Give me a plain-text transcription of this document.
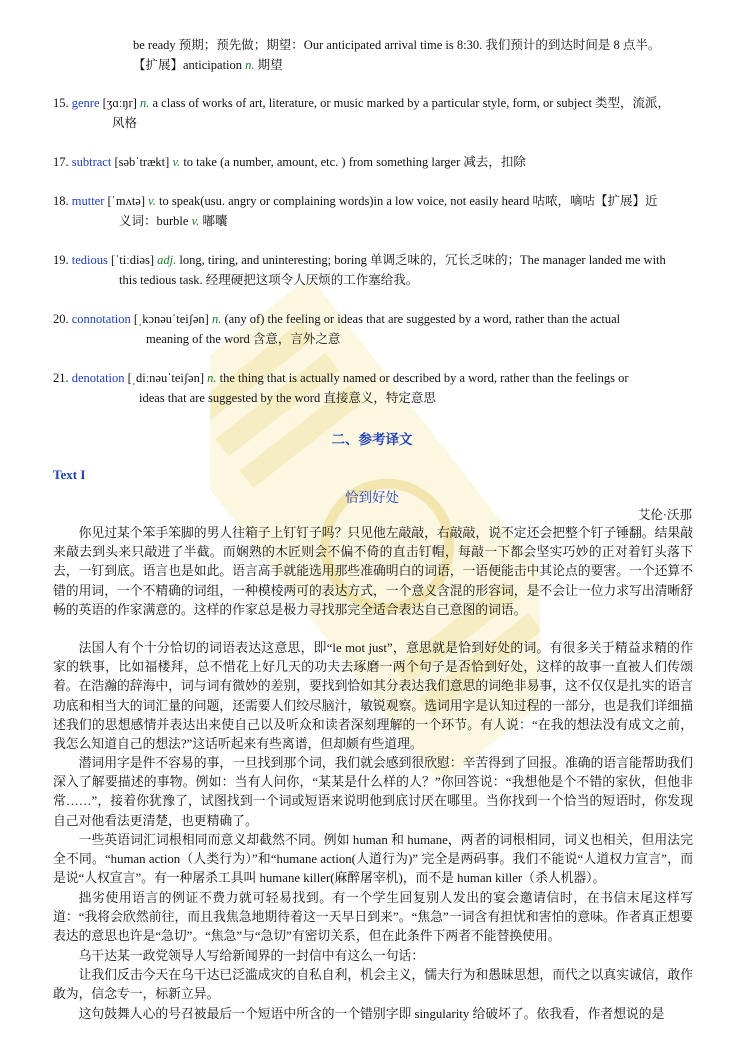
be ready 预期；预先做；期望：Our anticipated arrival time is 8:30. 我们预计的到达时间是 8 点半。
【扩展】anticipation n. 期望
15. genre [ʒɑːŋr] n. a class of works of art, literature, or music marked by a particular style, form, or subject 类型，流派，
风格
17. subtract [səbˈtrækt] v. to take (a number, amount, etc. ) from something larger 减去，扣除
18. mutter [ˈmʌtə] v. to speak(usu. angry or complaining words)in a low voice, not easily heard 咕哝，嘀咕【扩展】近
义词：burble v. 嘟囔
19. tedious [ˈtiːdiəs] adj. long, tiring, and uninteresting; boring 单调乏味的，冗长乏味的；The manager landed me with
this tedious task. 经理硬把这项令人厌烦的工作塞给我。
20. connotation [ˌkɔnəuˈteiʃən] n. (any of) the feeling or ideas that are suggested by a word, rather than the actual
meaning of the word 含意，言外之意
21. denotation [ˌdiːnəuˈteiʃən] n. the thing that is actually named or described by a word, rather than the feelings or
ideas that are suggested by the word 直接意义，特定意思
二、参考译文
Text I
恰到好处
艾伦·沃那
你见过某个笨手笨脚的男人往箱子上钉钉子吗？只见他左敲敲，右敲敲，说不定还会把整个钉子锤翻。结果敲来敲去到头来只敲进了半截。而娴熟的木匠则会不偏不倚的直击钉帽，每敲一下都会坚实巧妙的正对着钉头落下去，一钉到底。语言也是如此。语言高手就能选用那些准确明白的词语，一语便能击中其论点的要害。一个还算不错的用词，一个不精确的词组，一种模棱两可的表达方式，一个意义含混的形容词，是不会让一位力求写出清晰舒畅的英语的作家满意的。这样的作家总是极力寻找那完全适合表达自己意图的词语。
法国人有个十分恰切的词语表达这意思，即“le mot just”，意思就是恰到好处的词。有很多关于精益求精的作家的轶事，比如福楼拜，总不惜花上好几天的功夫去琢磨一两个句子是否恰到好处，这样的故事一直被人们传颂着。在浩瀚的辞海中，词与词有微妙的差别，要找到恰如其分表达我们意思的词绝非易事，这不仅仅是扎实的语言功底和相当大的词汇量的问题，还需要人们绞尽脑汁，敏锐观察。选词用字是认知过程的一部分，也是我们详细描述我们的思想感情并表达出来使自己以及听众和读者深刻理解的一个环节。有人说：“在我的想法没有成文之前，我怎么知道自己的想法?”这话听起来有些离谱，但却颇有些道理。
潜词用字是件不容易的事，一旦找到那个词，我们就会感到很欣慰：辛苦得到了回报。准确的语言能帮助我们深入了解要描述的事物。例如：当有人问你，“某某是什么样的人？”你回答说：“我想他是个不错的家伙，但他非常……”，接着你犹豫了，试图找到一个词或短语来说明他到底讨厌在哪里。当你找到一个恰当的短语时，你发现自己对他看法更清楚，也更精确了。
一些英语词汇词根相同而意义却截然不同。例如 human 和 humane，两者的词根相同，词义也相关，但用法完全不同。“human action（人类行为）”和“humane action(人道行为)” 完全是两码事。我们不能说“人道权力宣言”，而是说“人权宣言”。有一种屠杀工具叫 humane killer(麻醉屠宰机)，而不是 human killer（杀人机器）。
拙劣使用语言的例证不费力就可轻易找到。有一个学生回复别人发出的宴会邀请信时，在书信末尾这样写道：“我将会欣然前往，而且我焦急地期待着这一天早日到来”。“焦急”一词含有担忧和害怕的意味。作者真正想要表达的意思也许是“急切”。“焦急”与“急切”有密切关系，但在此条件下两者不能替换使用。
乌干达某一政党领导人写给新闻界的一封信中有这么一句话：
让我们反击今天在乌干达已泛滥成灾的自私自利，机会主义，懦夫行为和愚昧思想，而代之以真实诚信，敢作敢为，信念专一，标新立异。
这句鼓舞人心的号召被最后一个短语中所含的一个错别字即 singularity 给破坏了。依我看，作者想说的是
